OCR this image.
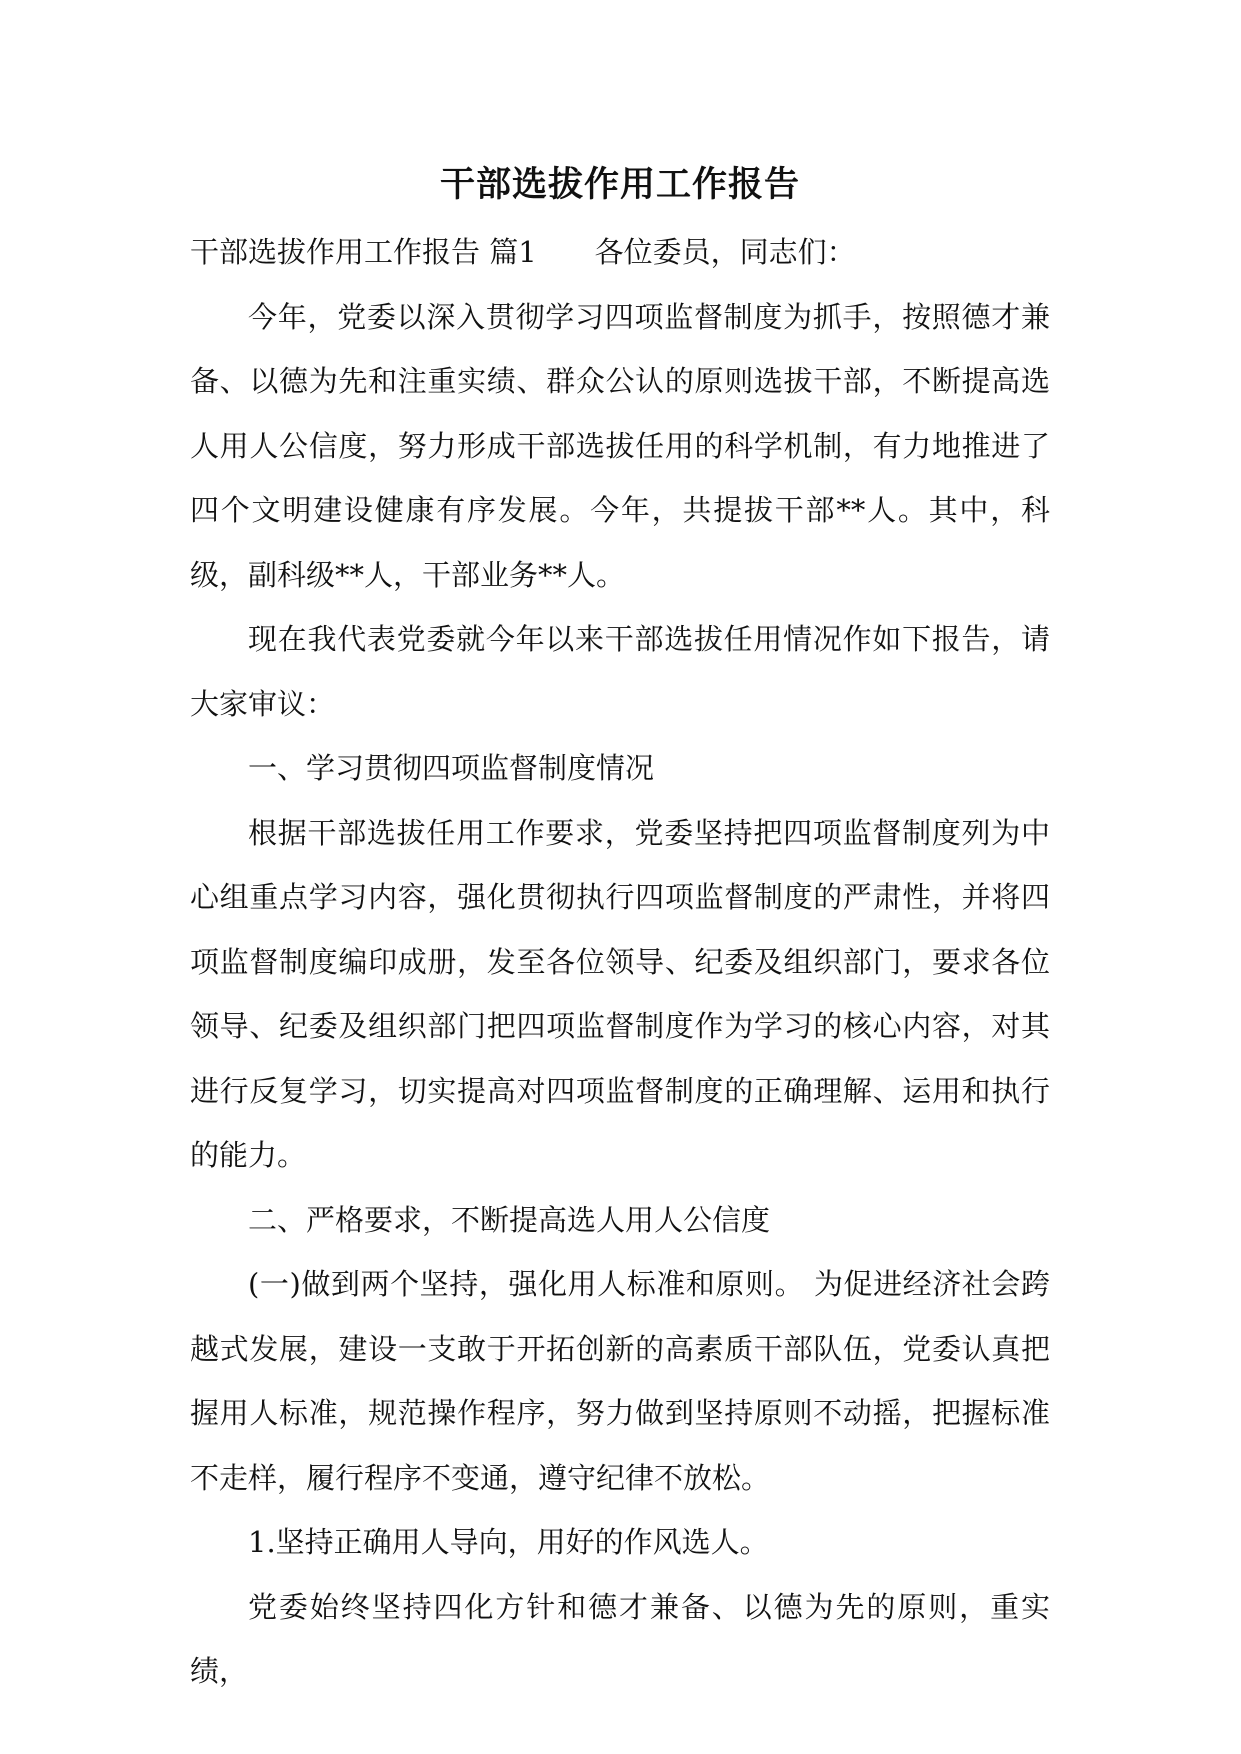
干部选拔作用工作报告

干部选拔作用工作报告 篇1 各位委员，同志们：

今年，党委以深入贯彻学习四项监督制度为抓手，按照德才兼备、以德为先和注重实绩、群众公认的原则选拔干部，不断提高选人用人公信度，努力形成干部选拔任用的科学机制，有力地推进了四个文明建设健康有序发展。今年，共提拔干部**人。其中，科级，副科级**人，干部业务**人。

现在我代表党委就今年以来干部选拔任用情况作如下报告，请大家审议：

一、学习贯彻四项监督制度情况

根据干部选拔任用工作要求，党委坚持把四项监督制度列为中心组重点学习内容，强化贯彻执行四项监督制度的严肃性，并将四项监督制度编印成册，发至各位领导、纪委及组织部门，要求各位领导、纪委及组织部门把四项监督制度作为学习的核心内容，对其进行反复学习，切实提高对四项监督制度的正确理解、运用和执行的能力。

二、严格要求，不断提高选人用人公信度

(一)做到两个坚持，强化用人标准和原则。 为促进经济社会跨越式发展，建设一支敢于开拓创新的高素质干部队伍，党委认真把握用人标准，规范操作程序，努力做到坚持原则不动摇，把握标准不走样，履行程序不变通，遵守纪律不放松。

1.坚持正确用人导向，用好的作风选人。

党委始终坚持四化方针和德才兼备、以德为先的原则，重实绩，
